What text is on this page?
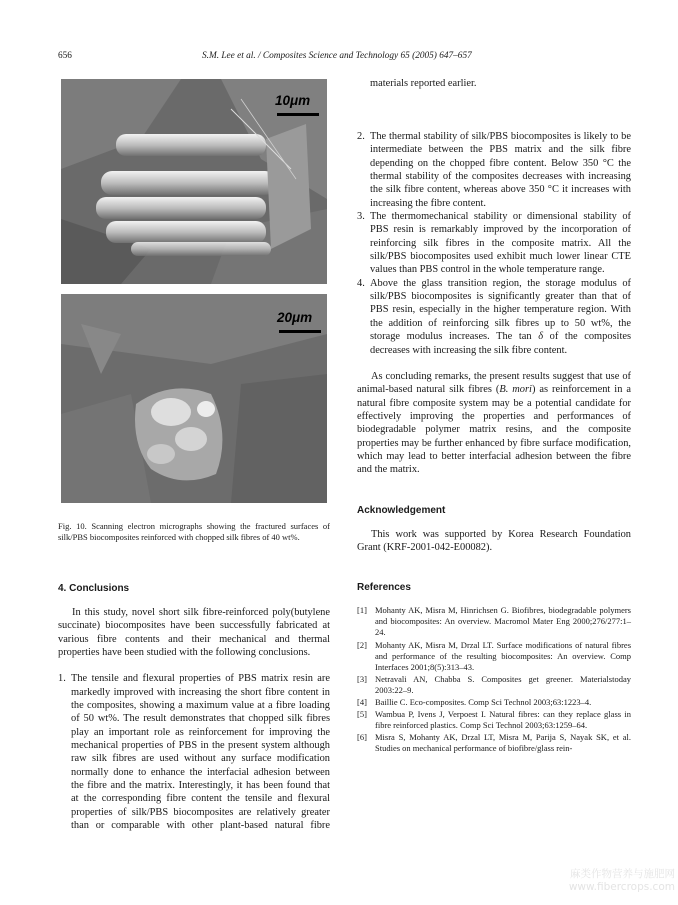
656	S.M. Lee et al. / Composites Science and Technology 65 (2005) 647–657
10μm
20μm

Fig. 10. Scanning electron micrographs showing the fractured surfaces of silk/PBS biocomposites reinforced with chopped silk fibres of 40 wt%.

4. Conclusions

In this study, novel short silk fibre-reinforced poly(butylene succinate) biocomposites have been successfully fabricated at various fibre contents and their mechanical and thermal properties have been studied with the following conclusions.

1. The tensile and flexural properties of PBS matrix resin are markedly improved with increasing the short fibre content in the composites, showing a maximum value at a fibre loading of 50 wt%. The result demonstrates that chopped silk fibres play an important role as reinforcement for improving the mechanical properties of PBS in the present system although raw silk fibres are used without any surface modification normally done to enhance the interfacial adhesion between the fibre and the matrix. Interestingly, it has been found that at the corresponding fibre content the tensile and flexural properties of silk/PBS biocomposites are relatively greater than or comparable with other plant-based natural fibre
materials reported earlier.
2. The thermal stability of silk/PBS biocomposites is likely to be intermediate between the PBS matrix and the silk fibre depending on the chopped fibre content. Below 350 °C the thermal stability of the composites decreases with increasing the silk fibre content, whereas above 350 °C it increases with increasing the fibre content.
3. The thermomechanical stability or dimensional stability of PBS resin is remarkably improved by the incorporation of reinforcing silk fibres in the composite matrix. All the silk/PBS biocomposites used exhibit much lower linear CTE values than PBS control in the whole temperature range.
4. Above the glass transition region, the storage modulus of silk/PBS biocomposites is significantly greater than that of PBS resin, especially in the higher temperature region. With the addition of reinforcing silk fibres up to 50 wt%, the storage modulus increases. The tan δ of the composites decreases with increasing the silk fibre content.

As concluding remarks, the present results suggest that use of animal-based natural silk fibres (B. mori) as reinforcement in a natural fibre composite system may be a potential candidate for effectively improving the properties and performances of biodegradable polymer matrix resins, and the composite properties may be further enhanced by fibre surface modification, which may lead to better interfacial adhesion between the fibre and the matrix.

Acknowledgement

This work was supported by Korea Research Foundation Grant (KRF-2001-042-E00082).

References
[1] Mohanty AK, Misra M, Hinrichsen G. Biofibres, biodegradable polymers and biocomposites: An overview. Macromol Mater Eng 2000;276/277:1–24.
[2] Mohanty AK, Misra M, Drzal LT. Surface modifications of natural fibres and performance of the resulting biocomposites: An overview. Comp Interfaces 2001;8(5):313–43.
[3] Netravali AN, Chabba S. Composites get greener. Materialstoday 2003:22–9.
[4] Baillie C. Eco-composites. Comp Sci Technol 2003;63:1223–4.
[5] Wambua P, Ivens J, Verpoest I. Natural fibres: can they replace glass in fibre reinforced plastics. Comp Sci Technol 2003;63:1259–64.
[6] Misra S, Mohanty AK, Drzal LT, Misra M, Parija S, Nayak SK, et al. Studies on mechanical performance of biofibre/glass rein-
麻类作物营养与施肥网
www.fibercrops.com
